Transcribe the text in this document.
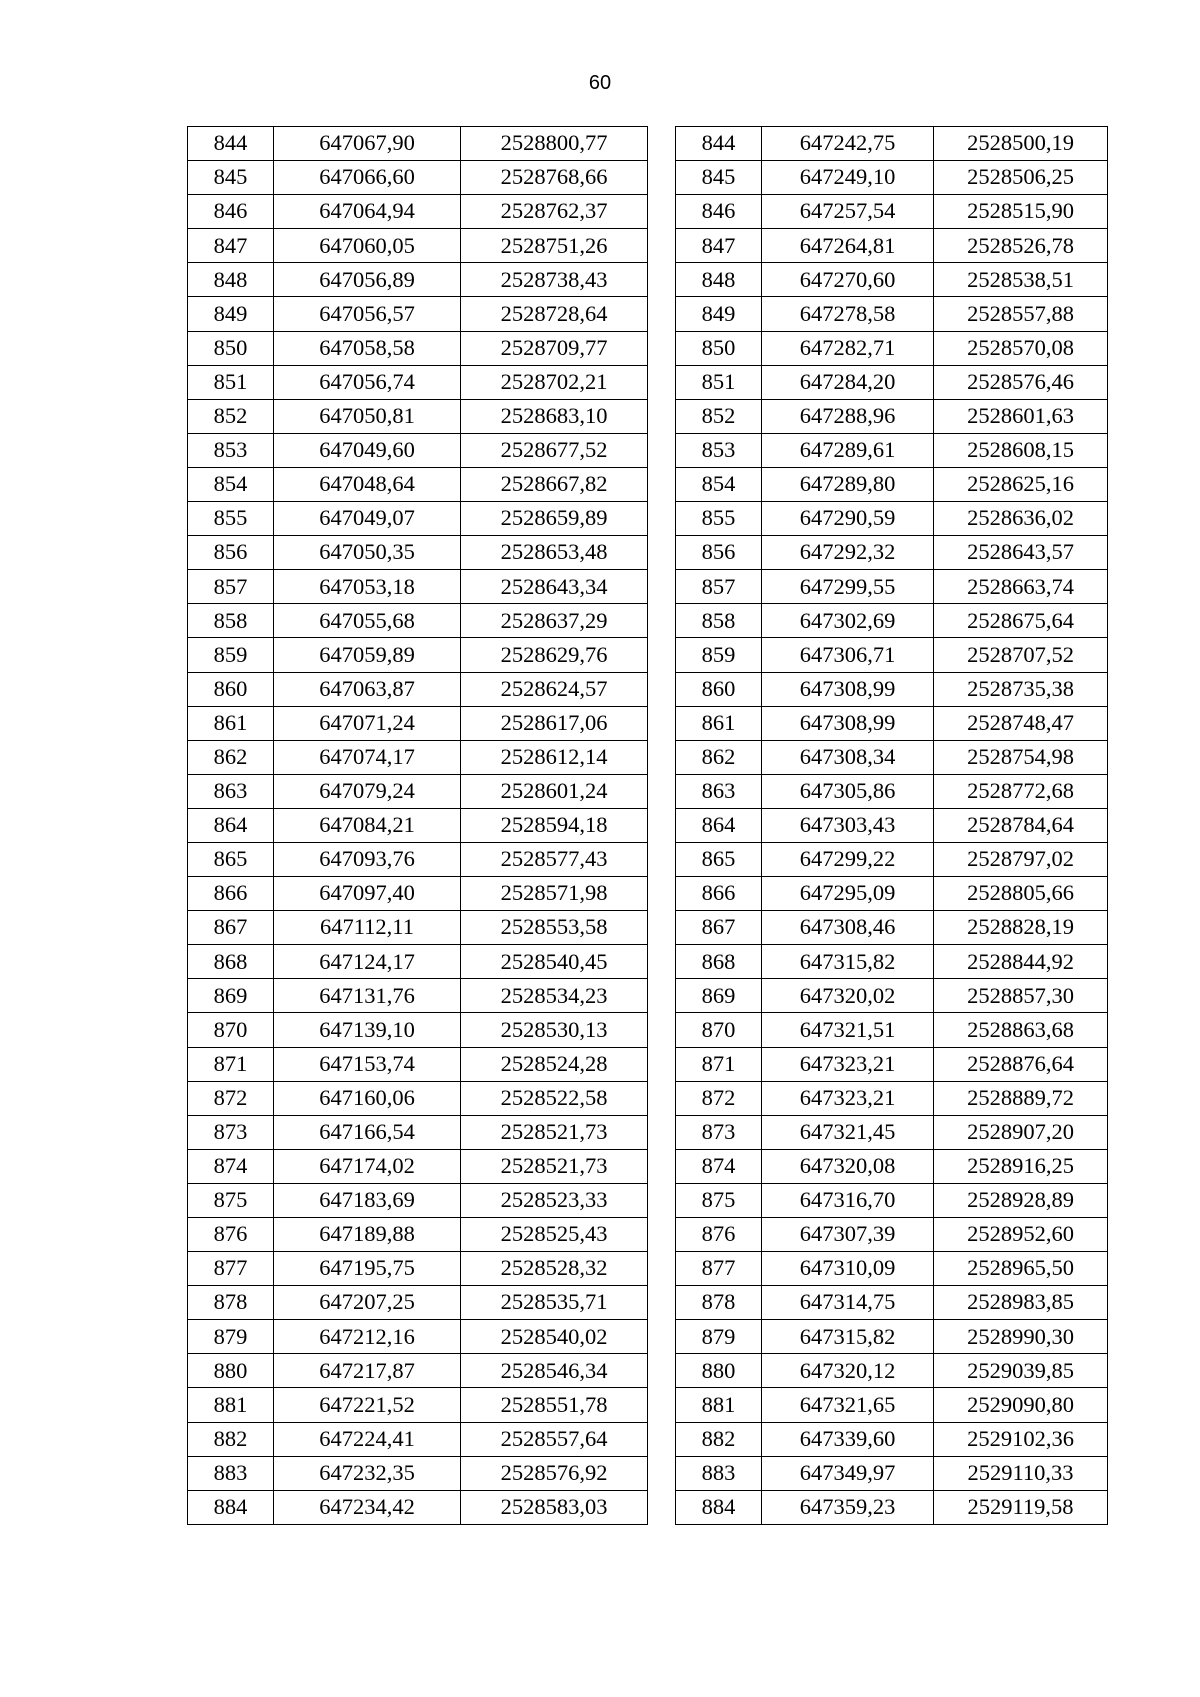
60
844	647067,90	2528800,77
845	647066,60	2528768,66
846	647064,94	2528762,37
847	647060,05	2528751,26
848	647056,89	2528738,43
849	647056,57	2528728,64
850	647058,58	2528709,77
851	647056,74	2528702,21
852	647050,81	2528683,10
853	647049,60	2528677,52
854	647048,64	2528667,82
855	647049,07	2528659,89
856	647050,35	2528653,48
857	647053,18	2528643,34
858	647055,68	2528637,29
859	647059,89	2528629,76
860	647063,87	2528624,57
861	647071,24	2528617,06
862	647074,17	2528612,14
863	647079,24	2528601,24
864	647084,21	2528594,18
865	647093,76	2528577,43
866	647097,40	2528571,98
867	647112,11	2528553,58
868	647124,17	2528540,45
869	647131,76	2528534,23
870	647139,10	2528530,13
871	647153,74	2528524,28
872	647160,06	2528522,58
873	647166,54	2528521,73
874	647174,02	2528521,73
875	647183,69	2528523,33
876	647189,88	2528525,43
877	647195,75	2528528,32
878	647207,25	2528535,71
879	647212,16	2528540,02
880	647217,87	2528546,34
881	647221,52	2528551,78
882	647224,41	2528557,64
883	647232,35	2528576,92
884	647234,42	2528583,03
844	647242,75	2528500,19
845	647249,10	2528506,25
846	647257,54	2528515,90
847	647264,81	2528526,78
848	647270,60	2528538,51
849	647278,58	2528557,88
850	647282,71	2528570,08
851	647284,20	2528576,46
852	647288,96	2528601,63
853	647289,61	2528608,15
854	647289,80	2528625,16
855	647290,59	2528636,02
856	647292,32	2528643,57
857	647299,55	2528663,74
858	647302,69	2528675,64
859	647306,71	2528707,52
860	647308,99	2528735,38
861	647308,99	2528748,47
862	647308,34	2528754,98
863	647305,86	2528772,68
864	647303,43	2528784,64
865	647299,22	2528797,02
866	647295,09	2528805,66
867	647308,46	2528828,19
868	647315,82	2528844,92
869	647320,02	2528857,30
870	647321,51	2528863,68
871	647323,21	2528876,64
872	647323,21	2528889,72
873	647321,45	2528907,20
874	647320,08	2528916,25
875	647316,70	2528928,89
876	647307,39	2528952,60
877	647310,09	2528965,50
878	647314,75	2528983,85
879	647315,82	2528990,30
880	647320,12	2529039,85
881	647321,65	2529090,80
882	647339,60	2529102,36
883	647349,97	2529110,33
884	647359,23	2529119,58
